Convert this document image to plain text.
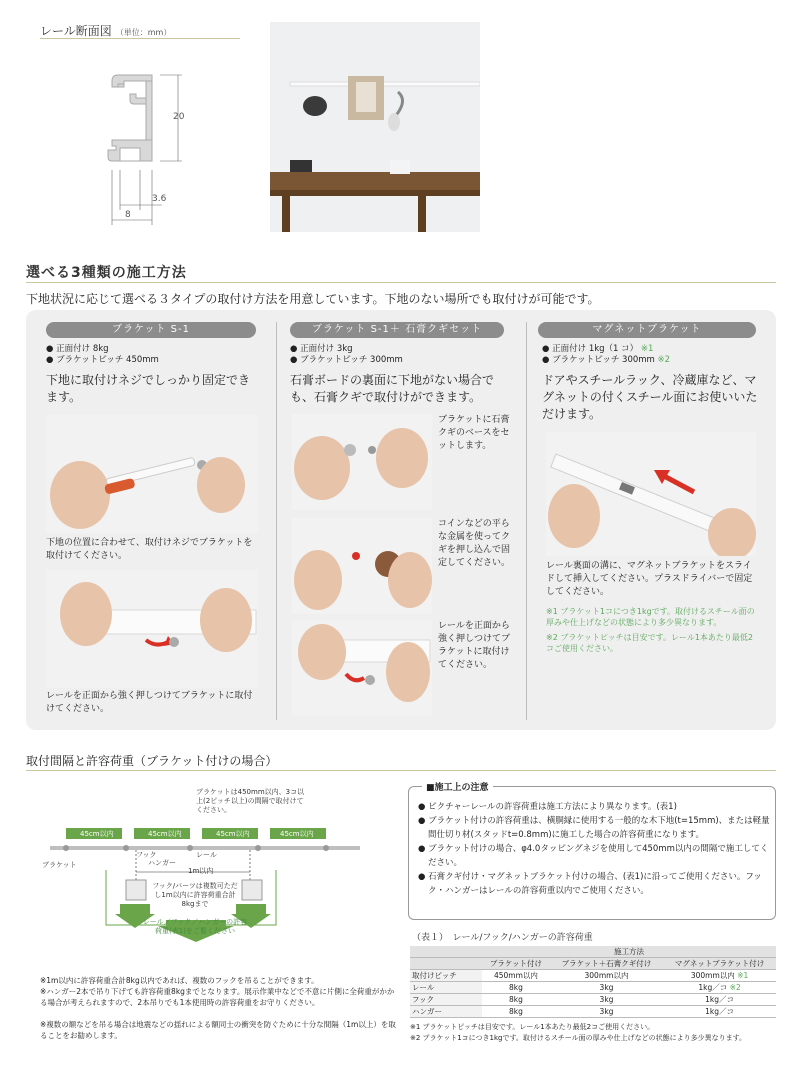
レール断面図 （単位：mm）
20
3.6
8
選べる3種類の施工方法
下地状況に応じて選べる３タイプの取付け方法を用意しています。下地のない場所でも取付けが可能です。
ブラケット S-1
● 正面付け 8kg
● ブラケットピッチ 450mm
下地に取付けネジでしっかり固定できます。
下地の位置に合わせて、取付けネジでブラケットを取付けてください。
レールを正面から強く押しつけてブラケットに取付けてください。
ブラケット S-1＋ 石膏クギセット
● 正面付け 3kg
● ブラケットピッチ 300mm
石膏ボードの裏面に下地がない場合でも、石膏クギで取付けができます。
ブラケットに石膏クギのベースをセットします。
コインなどの平らな金属を使ってクギを押し込んで固定してください。
レールを正面から強く押しつけてブラケットに取付けてください。
マグネットブラケット
● 正面付け 1kg（1 コ） ※1
● ブラケットピッチ 300mm ※2
ドアやスチールラック、冷蔵庫など、マグネットの付くスチール面にお使いいただけます。
レール裏面の溝に、マグネットブラケットをスライドして挿入してください。プラスドライバーで固定してください。
※1 ブラケット1コにつき1kgです。取付けるスチール面の厚みや仕上げなどの状態により多少異なります。
※2 ブラケットピッチは目安です。レール1本あたり最低2コご使用ください。
取付間隔と許容荷重（ブラケット付けの場合）
ブラケットは450mm以内、3コ以上(2ピッチ以上)の間隔で取付けてください。
45cm以内	45cm以内	45cm以内	45cm以内
ブラケット
レール
フック
ハンガー
1m以内
フック/バーツは複数可ただし1m以内に許容荷重合計8kgまで
レール／フック／ハンガーの許容荷重(表1)をご覧ください
※1m以内に許容荷重合計8kg以内であれば、複数のフックを吊ることができます。
※ハンガー2本で吊り下げても許容荷重8kgまでとなります。展示作業中などで不意に片側に全荷重がかかる場合が考えられますので、2本吊りでも1本使用時の許容荷重をお守りください。
※複数の額などを吊る場合は地震などの揺れによる額同士の衝突を防ぐために十分な間隔（1m以上）を取ることをお勧めします。
■施工上の注意
● ピクチャーレールの許容荷重は施工方法により異なります。(表1)
● ブラケット付けの許容荷重は、横胴縁に使用する一般的な木下地(t=15mm)、または軽量間仕切り材(スタッドt=0.8mm)に施工した場合の許容荷重になります。
● ブラケット付けの場合、φ4.0タッピングネジを使用して450mm以内の間隔で施工してください。
● 石膏クギ付け・マグネットブラケット付けの場合、(表1)に沿ってご使用ください。フック・ハンガーはレールの許容荷重以内でご使用ください。
（表１）　レール/フック/ハンガーの許容荷重
	施工方法		
	ブラケット付け	ブラケット＋石膏クギ付け	マグネットブラケット付け
取付けピッチ	450mm以内	300mm以内	300mm以内 ※1
レール	8kg	3kg	1kg／コ ※2
フック	8kg	3kg	1kg／コ
ハンガー	8kg	3kg	1kg／コ
※1 ブラケットピッチは目安です。レール1本あたり最低2コご使用ください。
※2 ブラケット1コにつき1kgです。取付けるスチール面の厚みや仕上げなどの状態により多少異なります。
